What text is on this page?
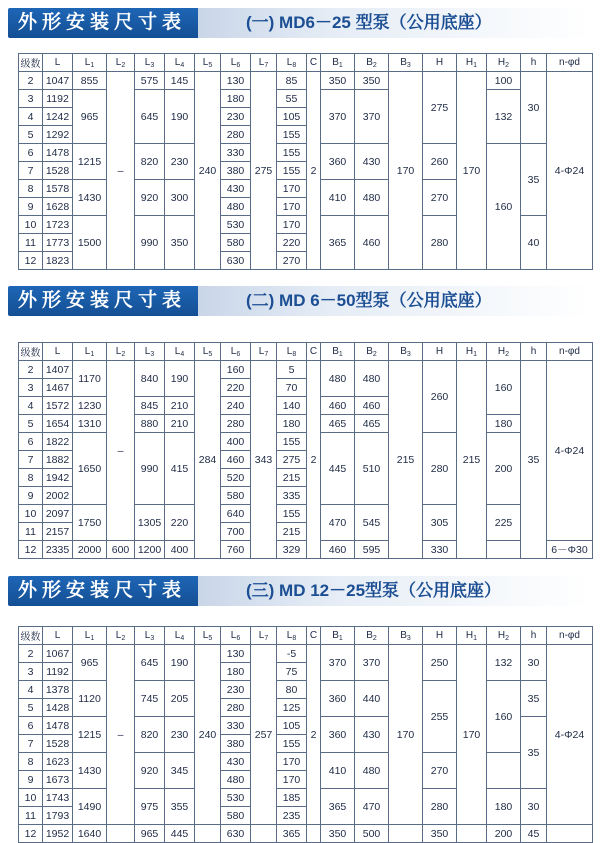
外形安装尺寸表	(一) MD6－25 型泵（公用底座）
级数	L	$L_1$	$L_2$	$L_3$	$L_4$	$L_5$	$L_6$	$L_7$	$L_8$	C	$B_1$	$B_2$	$B_3$	H	$H_1$	$H_2$	h	n-φd
2	1047	855	–	575	145	240	130	275	85	2	350	350	170	275	170	100	30	4-Φ24
3	1192	965		645	190		180		55		370	370				132		
4	1242						230		105									
5	1292						280		155									
6	1478	1215		820	230		330		155		360	430		260		160	35	
7	1528						380		155									
8	1578	1430		920	300		430		170		410	480		270				
9	1628						480		170									
10	1723	1500		990	350		530		170		365	460		280			40	
11	1773						580		220									
12	1823						630		270									
外形安装尺寸表	(二) MD 6－50型泵（公用底座）
级数	L	$L_1$	$L_2$	$L_3$	$L_4$	$L_5$	$L_6$	$L_7$	$L_8$	C	$B_1$	$B_2$	$B_3$	H	$H_1$	$H_2$	h	n-φd
2	1407	1170	–	840	190	284	160	343	5	2	480	480	215	260	215	160	35	4-Φ24
3	1467						220		70									
4	1572	1230		845	210		240		140		460	460						
5	1654	1310		880	210		280		180		465	465				180		
6	1822	1650		990	415		400		155		445	510		280		200		
7	1882						460		275									
8	1942						520		215									
9	2002						580		335									
10	2097	1750		1305	220		640		155		470	545		305		225		
11	2157						700		215									
12	2335	2000	600	1200	400		760		329		460	595		330				6－Φ30
外形安装尺寸表	(三) MD 12－25型泵（公用底座）
级数	L	$L_1$	$L_2$	$L_3$	$L_4$	$L_5$	$L_6$	$L_7$	$L_8$	C	$B_1$	$B_2$	$B_3$	H	$H_1$	$H_2$	h	n-φd
2	1067	965	–	645	190	240	130	257	-5	2	370	370	170	250	170	132	30	4-Φ24
3	1192						180		75									
4	1378	1120		745	205		230		80		360	440		255		160	35	
5	1428						280		125									
6	1478	1215		820	230		330		105		360	430					35	
7	1528						380		155									
8	1623	1430		920	345		430		170		410	480		270				
9	1673						480		170									
10	1743	1490		975	355		530		185		365	470		280		180	30	
11	1793						580		235									
12	1952	1640		965	445		630		365		350	500		350		200	45	
